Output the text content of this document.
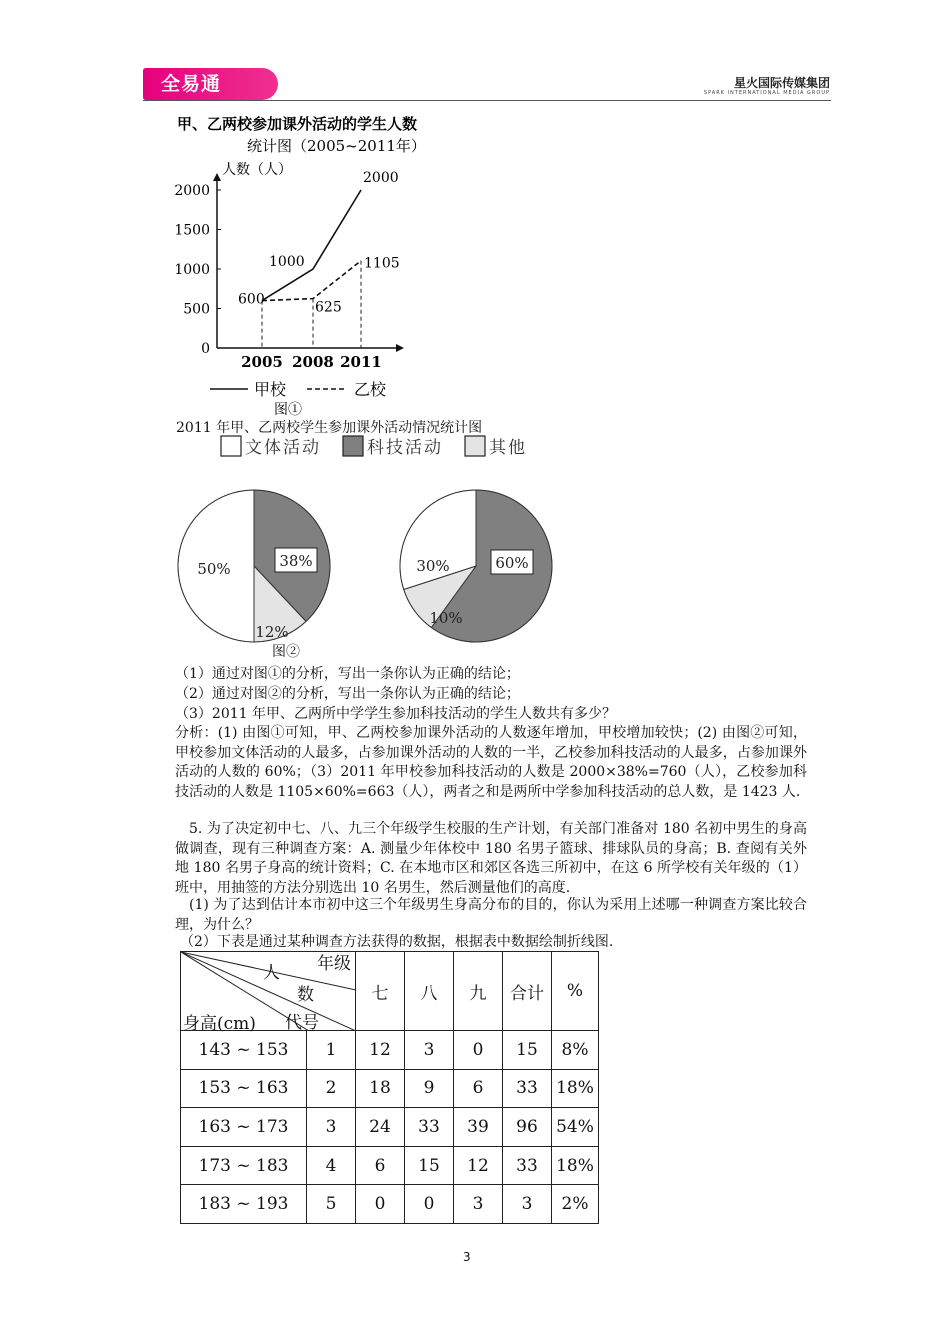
全易通	星火国际传媒集团
SPARK INTERNATIONAL MEDIA GROUP
甲、乙两校参加课外活动的学生人数
统计图（2005~2011年）
人数（人）
0
500
1000
1500
2000
2005 2008 2011
600
1000
2000
625
1105
甲校	乙校
图①
2011 年甲、乙两校学生参加课外活动情况统计图
文体活动	科技活动	其他
50%	38%
12%
30%	60%
10%
图②
（1）通过对图①的分析，写出一条你认为正确的结论；
（2）通过对图②的分析，写出一条你认为正确的结论；
（3）2011 年甲、乙两所中学学生参加科技活动的学生人数共有多少？
分析：(1) 由图①可知，甲、乙两校参加课外活动的人数逐年增加，甲校增加较快；(2) 由图②可知，甲校参加文体活动的人最多，占参加课外活动的人数的一半，乙校参加科技活动的人最多，占参加课外活动的人数的 60%；（3）2011 年甲校参加科技活动的人数是 2000×38%=760（人），乙校参加科技活动的人数是 1105×60%=663（人），两者之和是两所中学参加科技活动的总人数，是 1423 人.
5. 为了决定初中七、八、九三个年级学生校服的生产计划，有关部门准备对 180 名初中男生的身高做调查，现有三种调查方案：A. 测量少年体校中 180 名男子篮球、排球队员的身高；B. 查阅有关外地 180 名男子身高的统计资料；C. 在本地市区和郊区各选三所初中，在这 6 所学校有关年级的（1）班中，用抽签的方法分别选出 10 名男生，然后测量他们的高度.
(1) 为了达到估计本市初中这三个年级男生身高分布的目的，你认为采用上述哪一种调查方案比较合理，为什么？
（2）下表是通过某种调查方法获得的数据，根据表中数据绘制折线图.
人 年级
数
代号
身高(cm)		七	八	九	合计	%
143 ~ 153	1	12	3	0	15	8%
153 ~ 163	2	18	9	6	33	18%
163 ~ 173	3	24	33	39	96	54%
173 ~ 183	4	6	15	12	33	18%
183 ~ 193	5	0	0	3	3	2%
3
